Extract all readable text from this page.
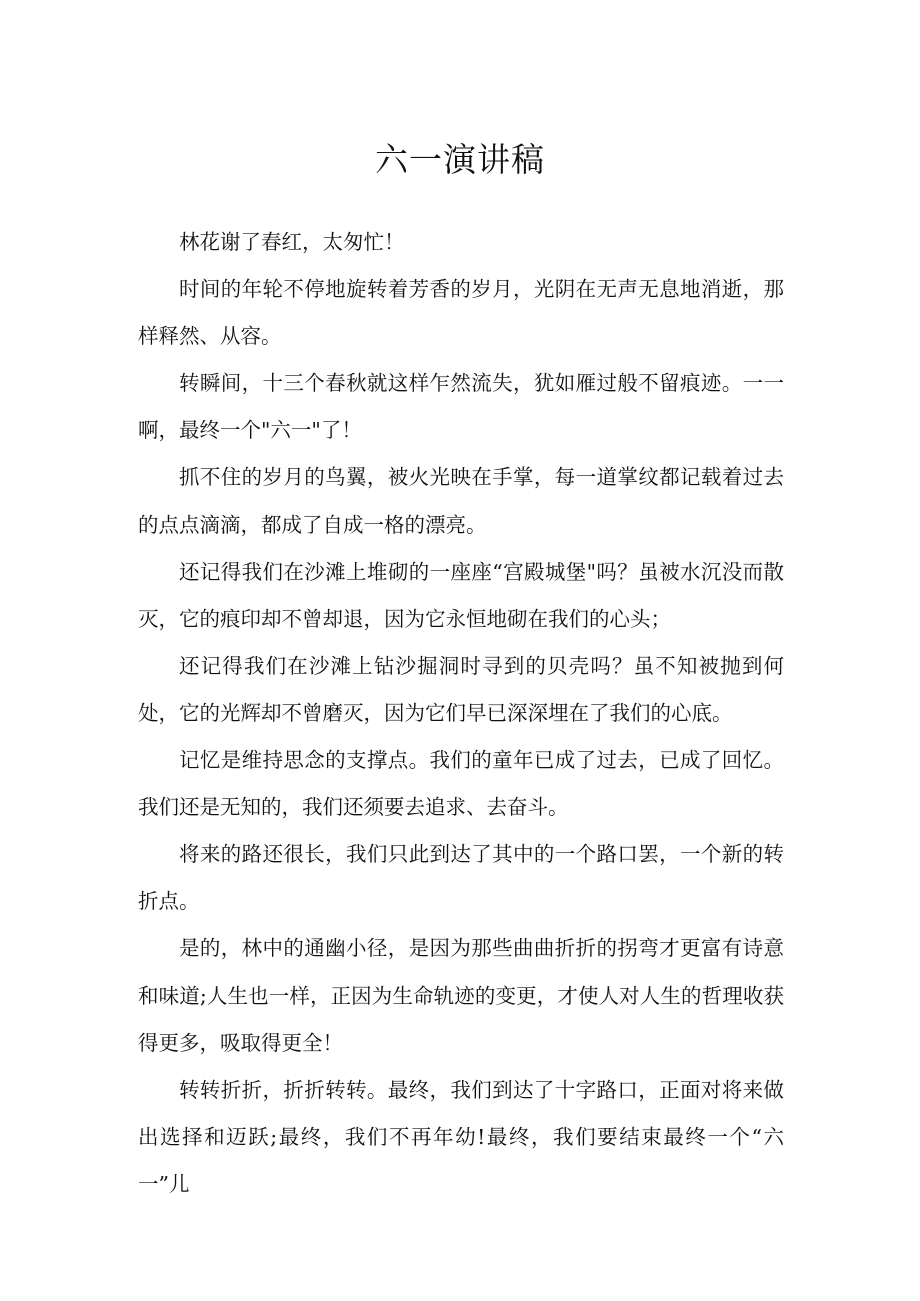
六一演讲稿

林花谢了春红，太匆忙！

时间的年轮不停地旋转着芳香的岁月，光阴在无声无息地消逝，那样释然、从容。

转瞬间，十三个春秋就这样乍然流失，犹如雁过般不留痕迹。一一啊，最终一个"六一"了！

抓不住的岁月的鸟翼，被火光映在手掌，每一道掌纹都记载着过去的点点滴滴，都成了自成一格的漂亮。

还记得我们在沙滩上堆砌的一座座“宫殿城堡"吗？虽被水沉没而散灭，它的痕印却不曾却退，因为它永恒地砌在我们的心头；

还记得我们在沙滩上钻沙掘洞时寻到的贝壳吗？虽不知被抛到何处，它的光辉却不曾磨灭，因为它们早已深深埋在了我们的心底。

记忆是维持思念的支撑点。我们的童年已成了过去，已成了回忆。我们还是无知的，我们还须要去追求、去奋斗。

将来的路还很长，我们只此到达了其中的一个路口罢，一个新的转折点。

是的，林中的通幽小径，是因为那些曲曲折折的拐弯才更富有诗意和味道;人生也一样，正因为生命轨迹的变更，才使人对人生的哲理收获得更多，吸取得更全！

转转折折，折折转转。最终，我们到达了十字路口，正面对将来做出选择和迈跃;最终，我们不再年幼!最终，我们要结束最终一个“六一”儿
